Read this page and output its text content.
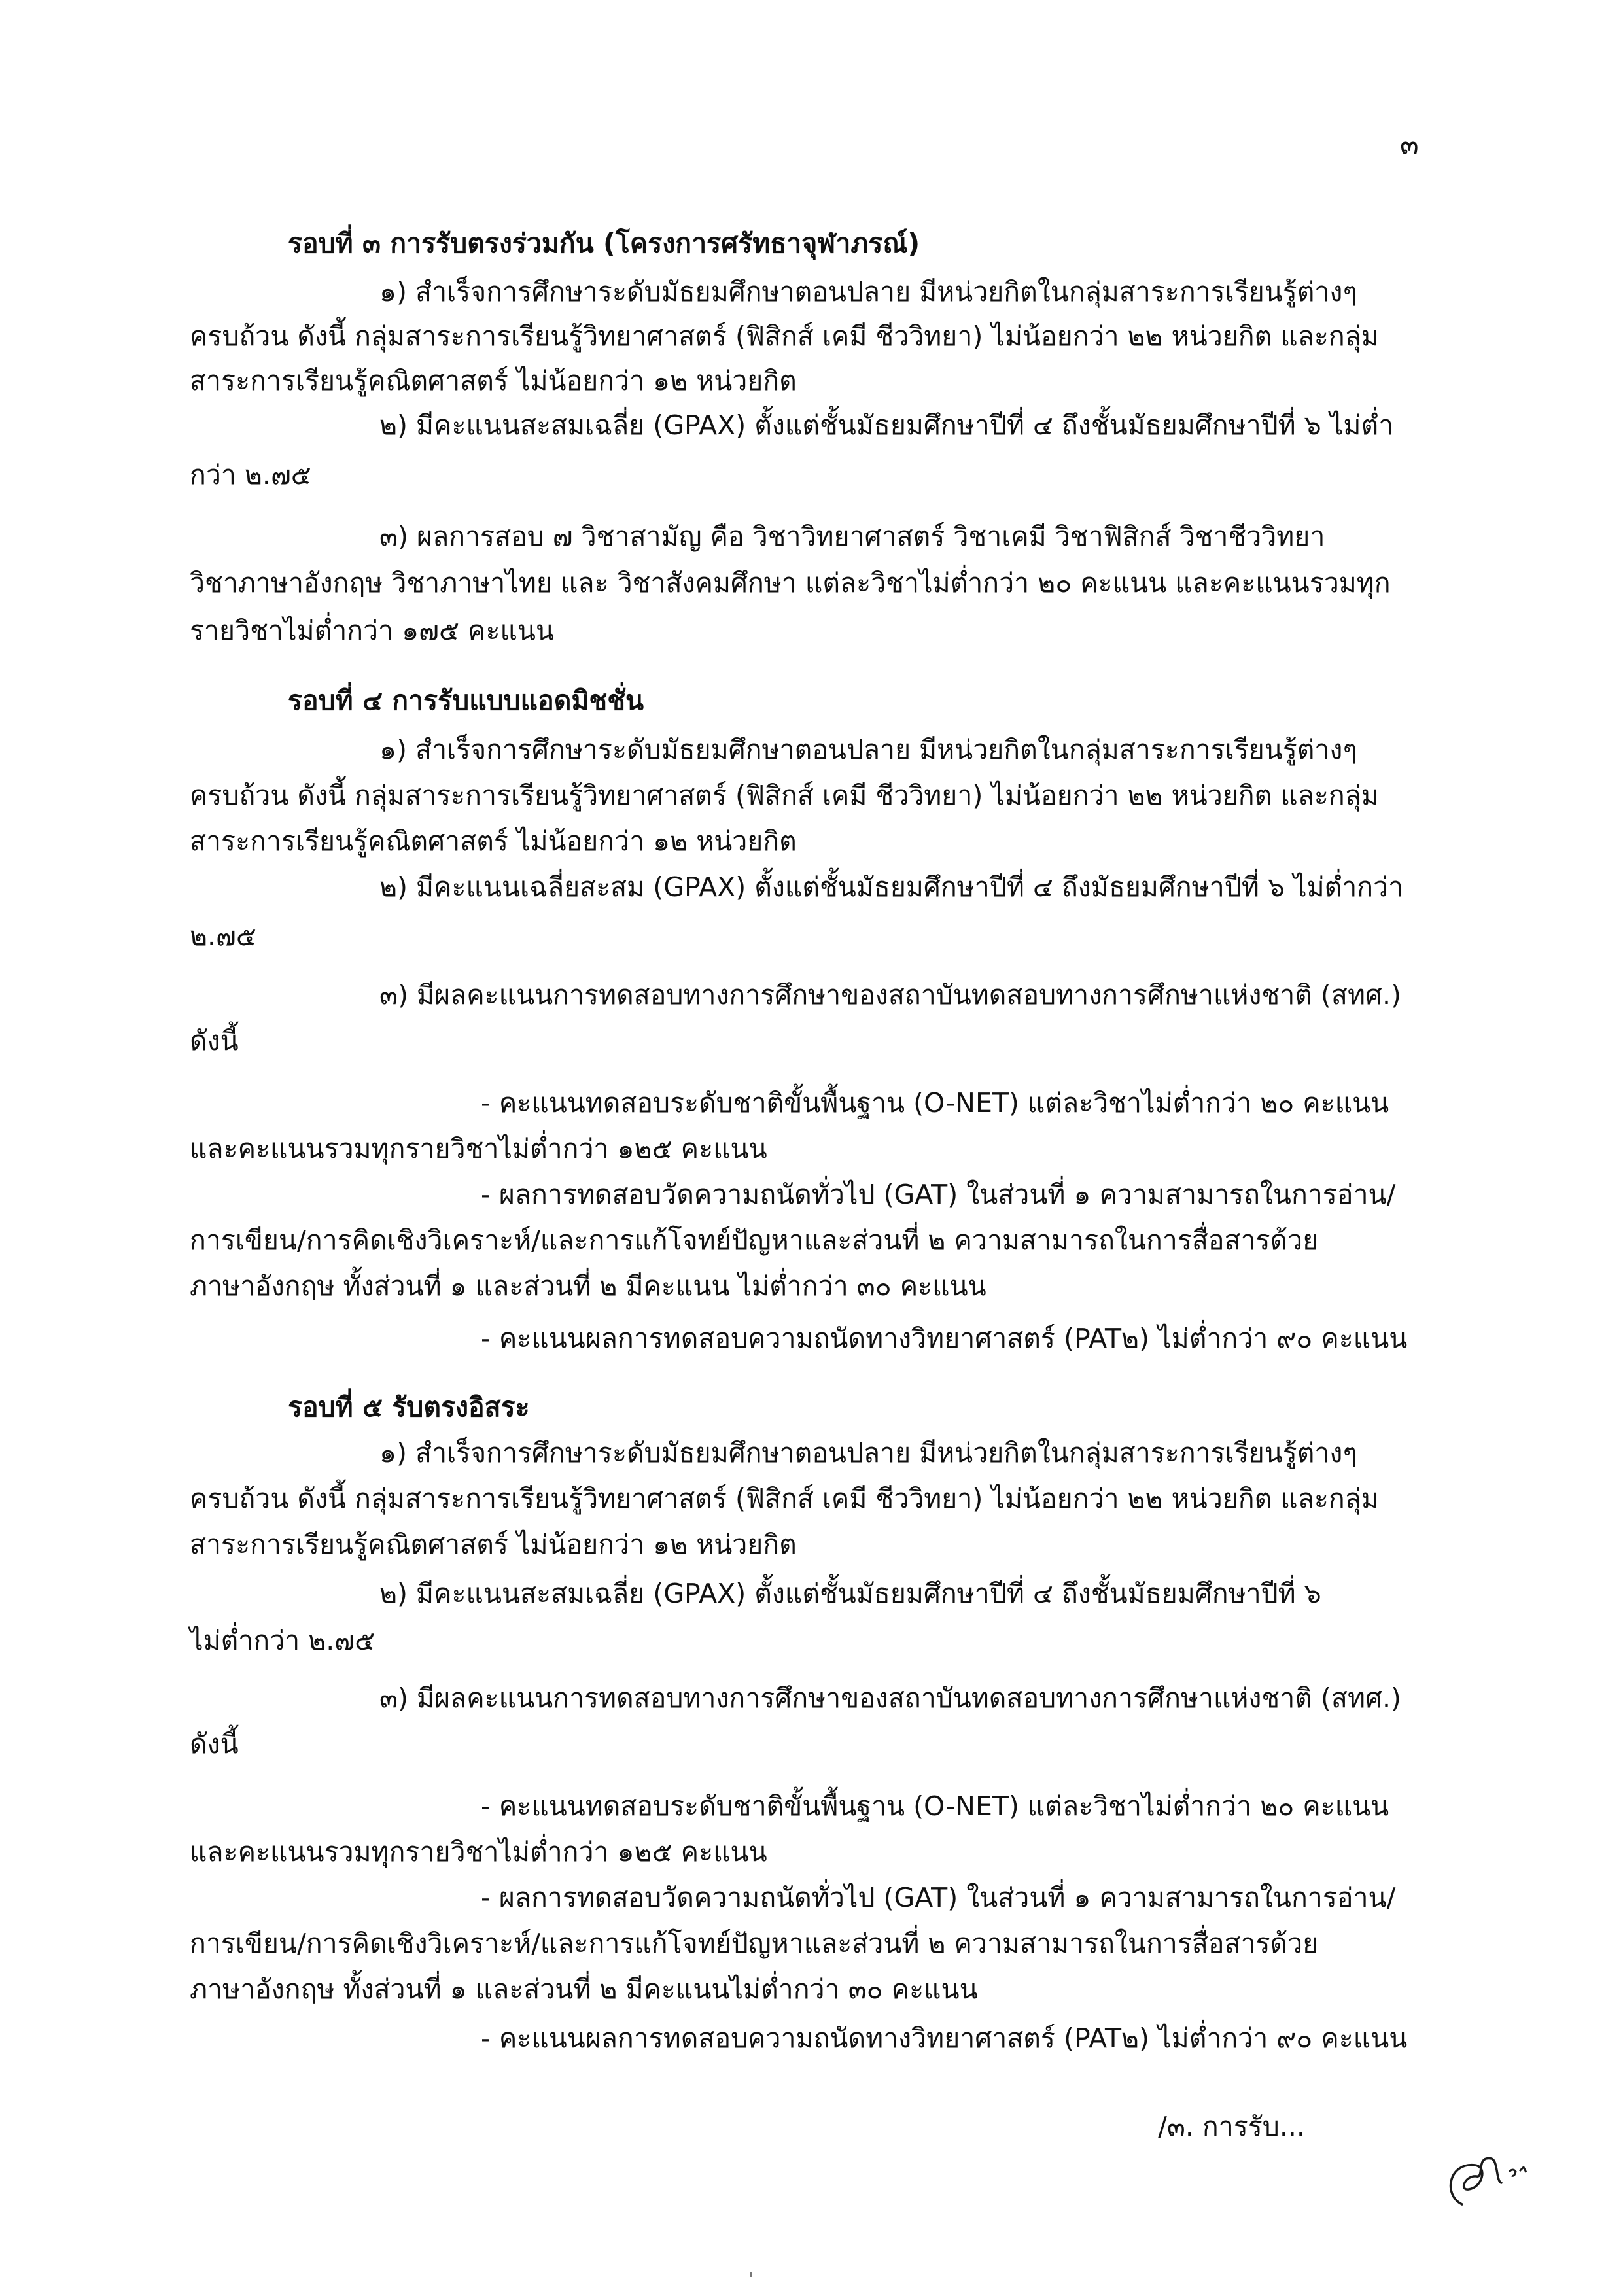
๓
รอบที่ ๓ การรับตรงร่วมกัน (โครงการศรัทธาจุฬาภรณ์)
๑) สำเร็จการศึกษาระดับมัธยมศึกษาตอนปลาย มีหน่วยกิตในกลุ่มสาระการเรียนรู้ต่างๆ
ครบถ้วน ดังนี้ กลุ่มสาระการเรียนรู้วิทยาศาสตร์ (ฟิสิกส์ เคมี ชีววิทยา) ไม่น้อยกว่า ๒๒ หน่วยกิต และกลุ่ม
สาระการเรียนรู้คณิตศาสตร์ ไม่น้อยกว่า ๑๒ หน่วยกิต
๒) มีคะแนนสะสมเฉลี่ย (GPAX) ตั้งแต่ชั้นมัธยมศึกษาปีที่ ๔ ถึงชั้นมัธยมศึกษาปีที่ ๖ ไม่ต่ำ
กว่า ๒.๗๕
๓) ผลการสอบ ๗ วิชาสามัญ คือ วิชาวิทยาศาสตร์ วิชาเคมี วิชาฟิสิกส์ วิชาชีววิทยา
วิชาภาษาอังกฤษ วิชาภาษาไทย และ วิชาสังคมศึกษา แต่ละวิชาไม่ต่ำกว่า ๒๐ คะแนน และคะแนนรวมทุก
รายวิชาไม่ต่ำกว่า ๑๗๕ คะแนน
รอบที่ ๔ การรับแบบแอดมิชชั่น
๑) สำเร็จการศึกษาระดับมัธยมศึกษาตอนปลาย มีหน่วยกิตในกลุ่มสาระการเรียนรู้ต่างๆ
ครบถ้วน ดังนี้ กลุ่มสาระการเรียนรู้วิทยาศาสตร์ (ฟิสิกส์ เคมี ชีววิทยา) ไม่น้อยกว่า ๒๒ หน่วยกิต และกลุ่ม
สาระการเรียนรู้คณิตศาสตร์ ไม่น้อยกว่า ๑๒ หน่วยกิต
๒) มีคะแนนเฉลี่ยสะสม (GPAX) ตั้งแต่ชั้นมัธยมศึกษาปีที่ ๔ ถึงมัธยมศึกษาปีที่ ๖ ไม่ต่ำกว่า
๒.๗๕
๓) มีผลคะแนนการทดสอบทางการศึกษาของสถาบันทดสอบทางการศึกษาแห่งชาติ (สทศ.)
ดังนี้
- คะแนนทดสอบระดับชาติขั้นพื้นฐาน (O-NET) แต่ละวิชาไม่ต่ำกว่า ๒๐ คะแนน
และคะแนนรวมทุกรายวิชาไม่ต่ำกว่า ๑๒๕ คะแนน
- ผลการทดสอบวัดความถนัดทั่วไป (GAT) ในส่วนที่ ๑ ความสามารถในการอ่าน/
การเขียน/การคิดเชิงวิเคราะห์/และการแก้โจทย์ปัญหาและส่วนที่ ๒ ความสามารถในการสื่อสารด้วย
ภาษาอังกฤษ ทั้งส่วนที่ ๑ และส่วนที่ ๒ มีคะแนน ไม่ต่ำกว่า ๓๐ คะแนน
- คะแนนผลการทดสอบความถนัดทางวิทยาศาสตร์ (PAT๒) ไม่ต่ำกว่า ๙๐ คะแนน
รอบที่ ๕ รับตรงอิสระ
๑) สำเร็จการศึกษาระดับมัธยมศึกษาตอนปลาย มีหน่วยกิตในกลุ่มสาระการเรียนรู้ต่างๆ
ครบถ้วน ดังนี้ กลุ่มสาระการเรียนรู้วิทยาศาสตร์ (ฟิสิกส์ เคมี ชีววิทยา) ไม่น้อยกว่า ๒๒ หน่วยกิต และกลุ่ม
สาระการเรียนรู้คณิตศาสตร์ ไม่น้อยกว่า ๑๒ หน่วยกิต
๒) มีคะแนนสะสมเฉลี่ย (GPAX) ตั้งแต่ชั้นมัธยมศึกษาปีที่ ๔ ถึงชั้นมัธยมศึกษาปีที่ ๖
ไม่ต่ำกว่า ๒.๗๕
๓) มีผลคะแนนการทดสอบทางการศึกษาของสถาบันทดสอบทางการศึกษาแห่งชาติ (สทศ.)
ดังนี้
- คะแนนทดสอบระดับชาติขั้นพื้นฐาน (O-NET) แต่ละวิชาไม่ต่ำกว่า ๒๐ คะแนน
และคะแนนรวมทุกรายวิชาไม่ต่ำกว่า ๑๒๕ คะแนน
- ผลการทดสอบวัดความถนัดทั่วไป (GAT) ในส่วนที่ ๑ ความสามารถในการอ่าน/
การเขียน/การคิดเชิงวิเคราะห์/และการแก้โจทย์ปัญหาและส่วนที่ ๒ ความสามารถในการสื่อสารด้วย
ภาษาอังกฤษ ทั้งส่วนที่ ๑ และส่วนที่ ๒ มีคะแนนไม่ต่ำกว่า ๓๐ คะแนน
- คะแนนผลการทดสอบความถนัดทางวิทยาศาสตร์ (PAT๒) ไม่ต่ำกว่า ๙๐ คะแนน
/๓. การรับ...
